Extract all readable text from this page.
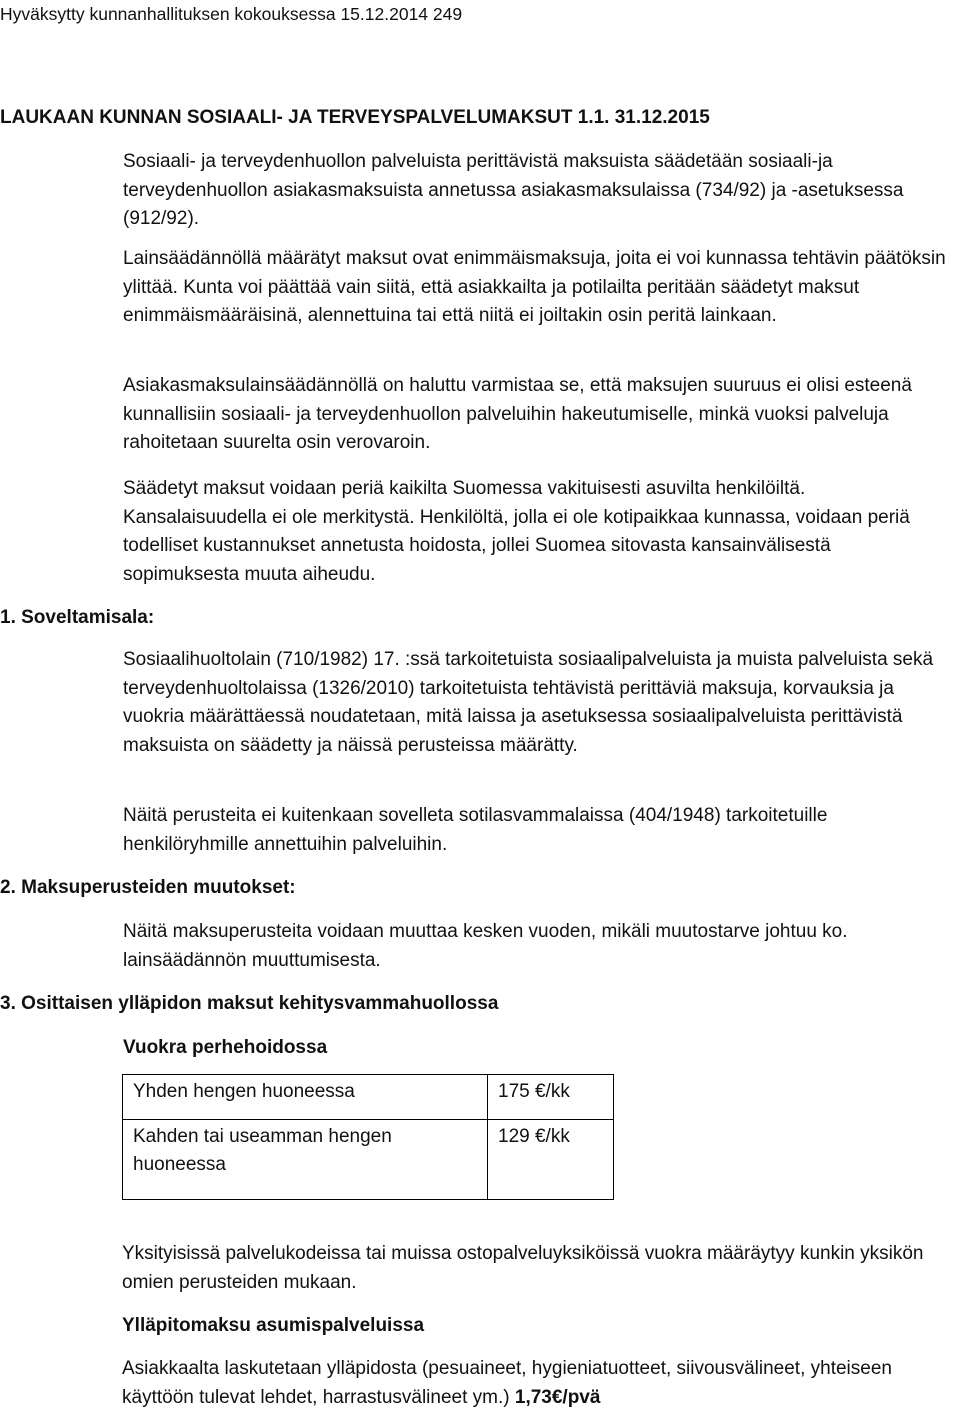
Hyväksytty kunnanhallituksen kokouksessa 15.12.2014 249
LAUKAAN KUNNAN SOSIAALI- JA TERVEYSPALVELUMAKSUT 1.1. 31.12.2015
1. Soveltamisala:

Sosiaali- ja terveydenhuollon palveluista perittävistä maksuista säädetään sosiaali-ja terveydenhuollon asiakasmaksuista annetussa asiakasmaksulaissa (734/92) ja -asetuksessa (912/92).

Lainsäädännöllä määrätyt maksut ovat enimmäismaksuja, joita ei voi kunnassa tehtävin päätöksin ylittää. Kunta voi päättää vain siitä, että asiakkailta ja potilailta peritään säädetyt maksut enimmäismääräisinä, alennettuina tai että niitä ei joiltakin osin peritä lainkaan.

Asiakasmaksulainsäädännöllä on haluttu varmistaa se, että maksujen suuruus ei olisi esteenä kunnallisiin sosiaali- ja terveydenhuollon palveluihin hakeutumiselle, minkä vuoksi palveluja rahoitetaan suurelta osin verovaroin.

Säädetyt maksut voidaan periä kaikilta Suomessa vakituisesti asuvilta henkilöiltä. Kansalaisuudella ei ole merkitystä. Henkilöltä, jolla ei ole kotipaikkaa kunnassa, voidaan periä todelliset kustannukset annetusta hoidosta, jollei Suomea sitovasta kansainvälisestä sopimuksesta muuta aiheudu.

Sosiaalihuoltolain (710/1982) 17. :ssä tarkoitetuista sosiaalipalveluista ja muista palveluista sekä terveydenhuoltolaissa (1326/2010) tarkoitetuista tehtävistä perittäviä maksuja, korvauksia ja vuokria määrättäessä noudatetaan, mitä laissa ja asetuksessa sosiaalipalveluista perittävistä maksuista on säädetty ja näissä perusteissa määrätty.

Näitä perusteita ei kuitenkaan sovelleta sotilasvammalaissa (404/1948) tarkoitetuille henkilöryhmille annettuihin palveluihin.

2. Maksuperusteiden muutokset:

Näitä maksuperusteita voidaan muuttaa kesken vuoden, mikäli muutostarve johtuu ko. lainsäädännön muuttumisesta.

3. Osittaisen ylläpidon maksut kehitysvammahuollossa
Vuokra perhehoidossa
Yhden hengen huoneessa	175 €/kk
Kahden tai useamman hengen huoneessa	129 €/kk

Yksityisissä palvelukodeissa tai muissa ostopalveluyksiköissä vuokra määräytyy kunkin yksikön omien perusteiden mukaan.

Ylläpitomaksu asumispalveluissa

Asiakkaalta laskutetaan ylläpidosta (pesuaineet, hygieniatuotteet, siivousvälineet, yhteiseen käyttöön tulevat lehdet, harrastusvälineet ym.) 1,73€/pvä
